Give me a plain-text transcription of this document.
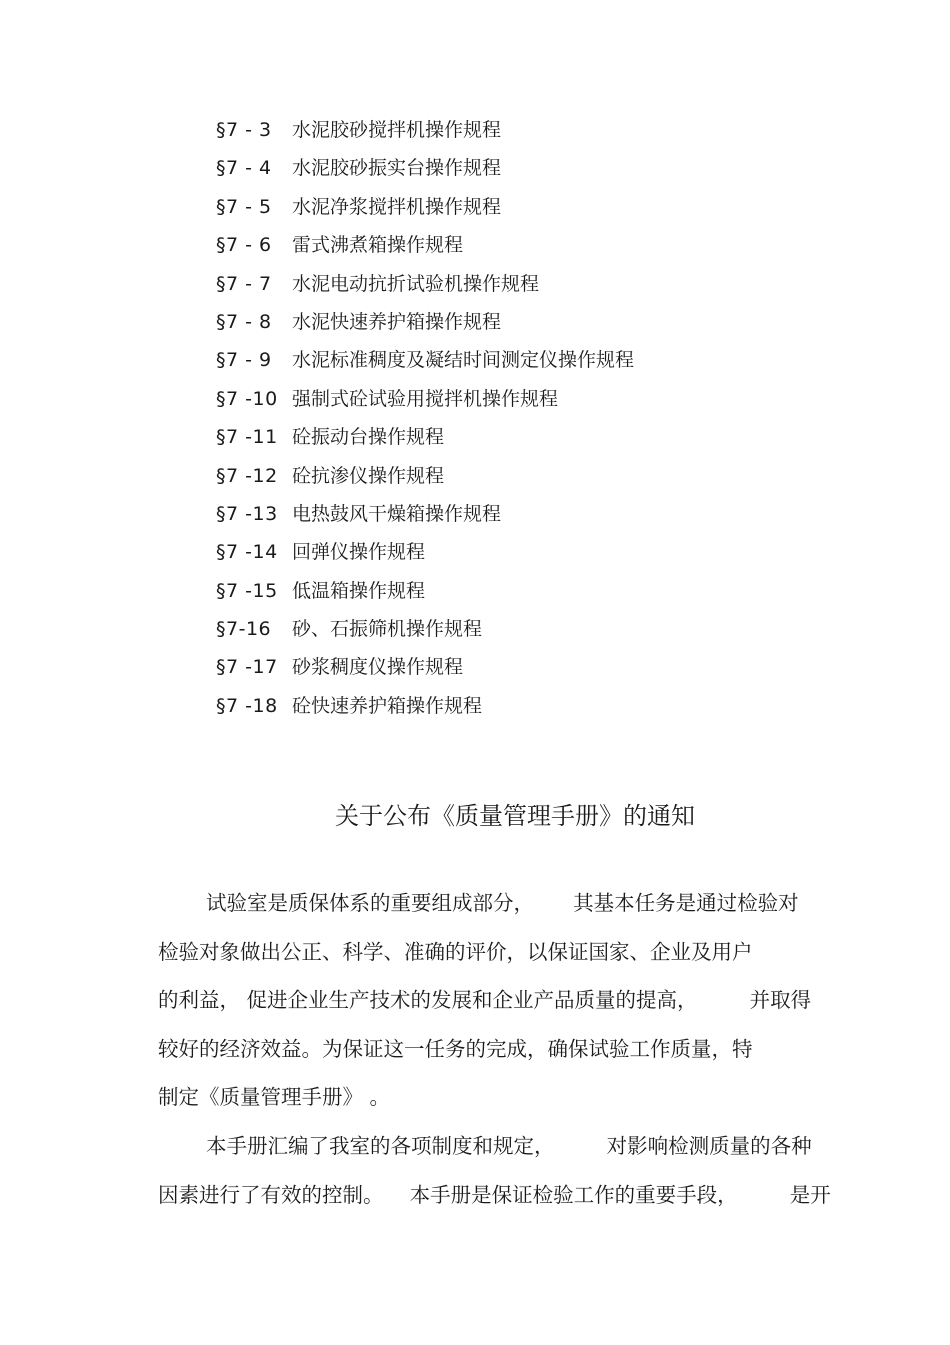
§7 - 3	水泥胶砂搅拌机操作规程
§7 - 4	水泥胶砂振实台操作规程
§7 - 5	水泥净浆搅拌机操作规程
§7 - 6	雷式沸煮箱操作规程
§7 - 7	水泥电动抗折试验机操作规程
§7 - 8	水泥快速养护箱操作规程
§7 - 9	水泥标准稠度及凝结时间测定仪操作规程
§7 -10 强制式砼试验用搅拌机操作规程
§7 -11 砼振动台操作规程
§7 -12 砼抗渗仪操作规程
§7 -13 电热鼓风干燥箱操作规程
§7 -14 回弹仪操作规程
§7 -15 低温箱操作规程
§7-16	砂、石振筛机操作规程
§7 -17 砂浆稠度仪操作规程
§7 -18 砼快速养护箱操作规程
关于公布《质量管理手册》的通知
试验室是质保体系的重要组成部分，      其基本任务是通过检验对
检验对象做出公正、科学、准确的评价，以保证国家、企业及用户
的利益， 促进企业生产技术的发展和企业产品质量的提高，        并取得
较好的经济效益。为保证这一任务的完成，确保试验工作质量，特
制定《质量管理手册》 。
本手册汇编了我室的各项制度和规定，        对影响检测质量的各种
因素进行了有效的控制。    本手册是保证检验工作的重要手段，        是开
